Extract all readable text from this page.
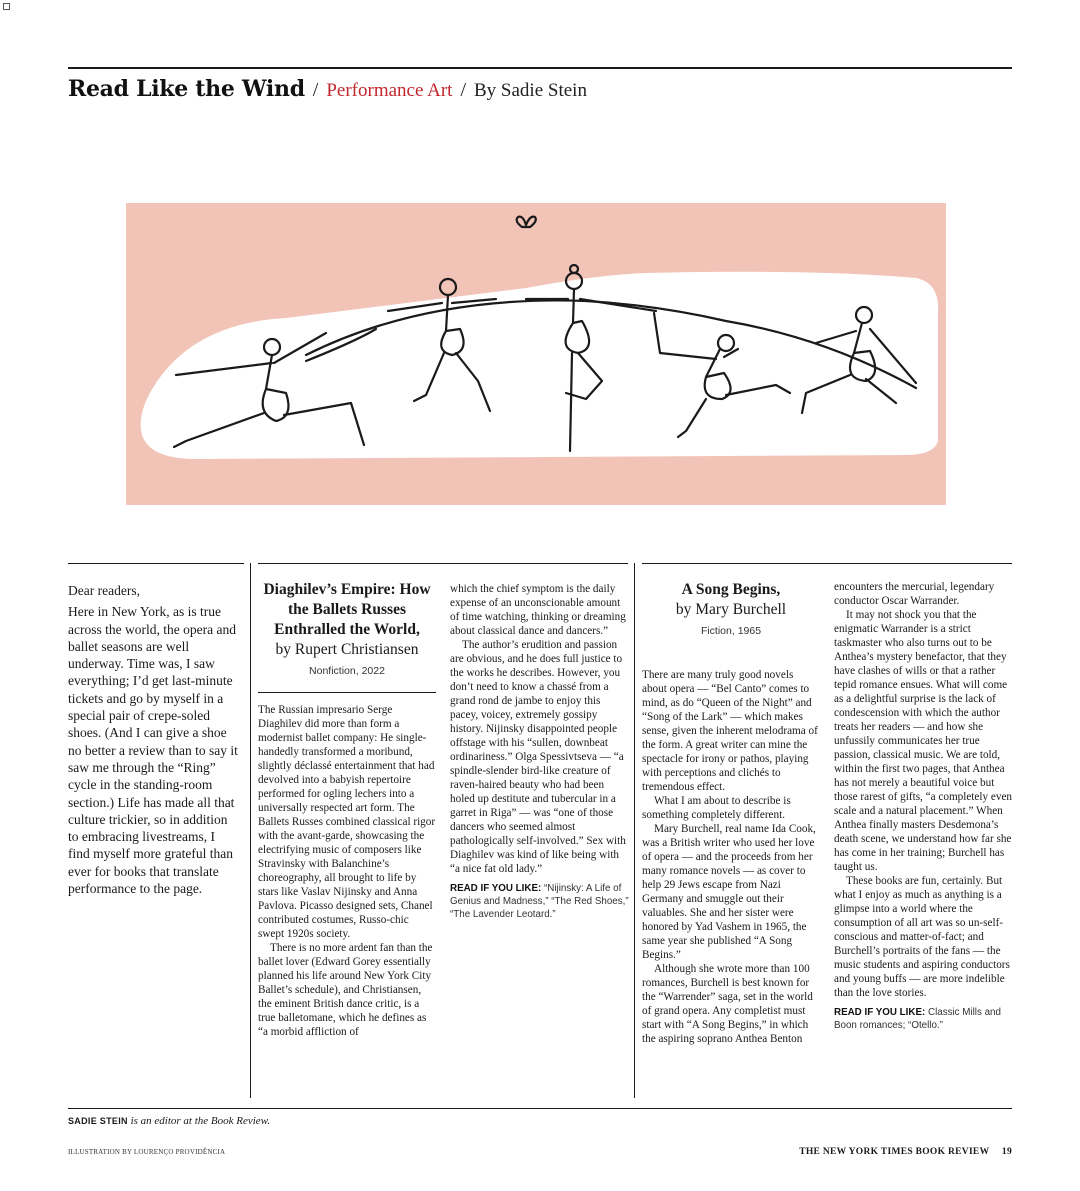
Read Like the Wind / Performance Art / By Sadie Stein

Dear readers,

Here in New York, as is true across the world, the opera and ballet seasons are well underway. Time was, I saw everything; I’d get last-minute tickets and go by myself in a special pair of crepe-soled shoes. (And I can give a shoe no better a review than to say it saw me through the “Ring” cycle in the standing-room section.) Life has made all that culture trickier, so in addition to embracing livestreams, I find myself more grateful than ever for books that translate performance to the page.

Diaghilev’s Empire: How the Ballets Russes Enthralled the World,
by Rupert Christiansen
Nonfiction, 2022

The Russian impresario Serge Diaghilev did more than form a modernist ballet company: He single-handedly transformed a moribund, slightly déclassé entertainment that had devolved into a babyish repertoire performed for ogling lechers into a universally respected art form. The Ballets Russes combined classical rigor with the avant-garde, showcasing the electrifying music of composers like Stravinsky with Balanchine’s choreography, all brought to life by stars like Vaslav Nijinsky and Anna Pavlova. Picasso designed sets, Chanel contributed costumes, Russo-chic swept 1920s society.

There is no more ardent fan than the ballet lover (Edward Gorey essentially planned his life around New York City Ballet’s schedule), and Christiansen, the eminent British dance critic, is a true balletomane, which he defines as “a morbid affliction of

which the chief symptom is the daily expense of an unconscionable amount of time watching, thinking or dreaming about classical dance and dancers.”

The author’s erudition and passion are obvious, and he does full justice to the works he describes. However, you don’t need to know a chassé from a grand rond de jambe to enjoy this pacey, voicey, extremely gossipy history. Nijinsky disappointed people offstage with his “sullen, downbeat ordinariness.” Olga Spessivtseva — “a spindle-slender bird-like creature of raven-haired beauty who had been holed up destitute and tubercular in a garret in Riga” — was “one of those dancers who seemed almost pathologically self-involved.” Sex with Diaghilev was kind of like being with “a nice fat old lady.”

READ IF YOU LIKE: “Nijinsky: A Life of Genius and Madness,” “The Red Shoes,” “The Lavender Leotard.”
A Song Begins,
by Mary Burchell
Fiction, 1965

There are many truly good novels about opera — “Bel Canto” comes to mind, as do “Queen of the Night” and “Song of the Lark” — which makes sense, given the inherent melodrama of the form. A great writer can mine the spectacle for irony or pathos, playing with perceptions and clichés to tremendous effect.

What I am about to describe is something completely different.

Mary Burchell, real name Ida Cook, was a British writer who used her love of opera — and the proceeds from her many romance novels — as cover to help 29 Jews escape from Nazi Germany and smuggle out their valuables. She and her sister were honored by Yad Vashem in 1965, the same year she published “A Song Begins.”

Although she wrote more than 100 romances, Burchell is best known for the “Warrender” saga, set in the world of grand opera. Any completist must start with “A Song Begins,” in which the aspiring soprano Anthea Benton

encounters the mercurial, legendary conductor Oscar Warrander.

It may not shock you that the enigmatic Warrander is a strict taskmaster who also turns out to be Anthea’s mystery benefactor, that they have clashes of wills or that a rather tepid romance ensues. What will come as a delightful surprise is the lack of condescension with which the author treats her readers — and how she unfussily communicates her true passion, classical music. We are told, within the first two pages, that Anthea has not merely a beautiful voice but those rarest of gifts, “a completely even scale and a natural placement.” When Anthea finally masters Desdemona’s death scene, we understand how far she has come in her training; Burchell has taught us.

These books are fun, certainly. But what I enjoy as much as anything is a glimpse into a world where the consumption of all art was so un-self-conscious and matter-of-fact; and Burchell’s portraits of the fans — the music students and aspiring conductors and young buffs — are more indelible than the love stories.

READ IF YOU LIKE: Classic Mills and Boon romances; “Otello.”
SADIE STEIN is an editor at the Book Review.
ILLUSTRATION BY LOURENÇO PROVIDÊNCIA	THE NEW YORK TIMES BOOK REVIEW 19
